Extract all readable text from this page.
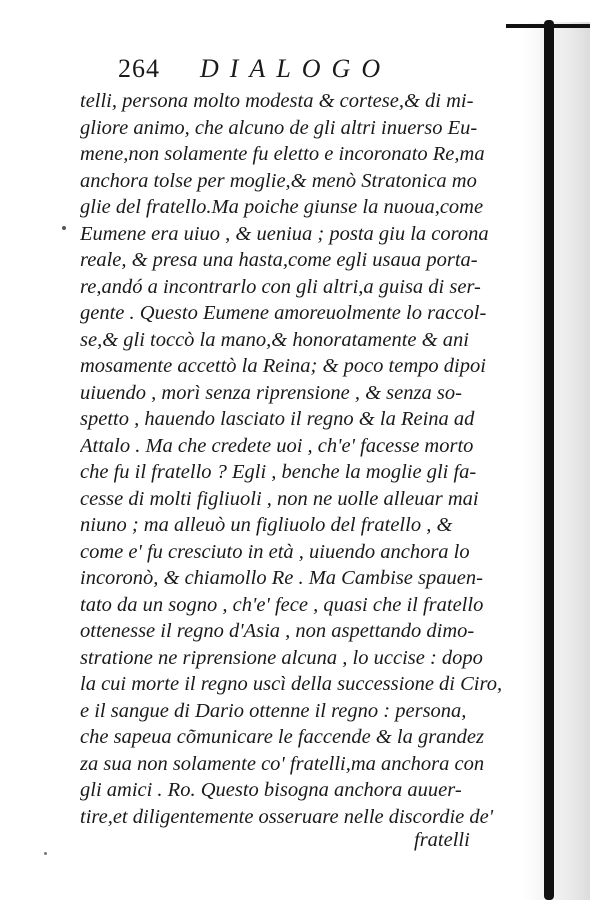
264 DIALOGO
telli, persona molto modesta & cortese,& di mi-
gliore animo, che alcuno de gli altri inuerso Eu-
mene,non solamente fu eletto e incoronato Re,ma
anchora tolse per moglie,& menò Stratonica mo
glie del fratello.Ma poiche giunse la nuoua,come
Eumene era uiuo , & ueniua ; posta giu la corona
reale, & presa una hasta,come egli usaua porta-
re,andó a incontrarlo con gli altri,a guisa di ser-
gente . Questo Eumene amoreuolmente lo raccol-
se,& gli toccò la mano,& honoratamente & ani
mosamente accettò la Reina; & poco tempo dipoi
uiuendo , morì senza riprensione , & senza so-
spetto , hauendo lasciato il regno & la Reina ad
Attalo . Ma che credete uoi , ch'e' facesse morto
che fu il fratello ? Egli , benche la moglie gli fa-
cesse di molti figliuoli , non ne uolle alleuar mai
niuno ; ma alleuò un figliuolo del fratello , &
come e' fu cresciuto in età , uiuendo anchora lo
incoronò, & chiamollo Re . Ma Cambise spauen-
tato da un sogno , ch'e' fece , quasi che il fratello
ottenesse il regno d'Asia , non aspettando dimo-
stratione ne riprensione alcuna , lo uccise : dopo
la cui morte il regno uscì della successione di Ciro,
e il sangue di Dario ottenne il regno : persona,
che sapeua cõmunicare le faccende & la grandez
za sua non solamente co' fratelli,ma anchora con
gli amici . Ro. Questo bisogna anchora auuer-
tire,et diligentemente osseruare nelle discordie de'
fratelli
